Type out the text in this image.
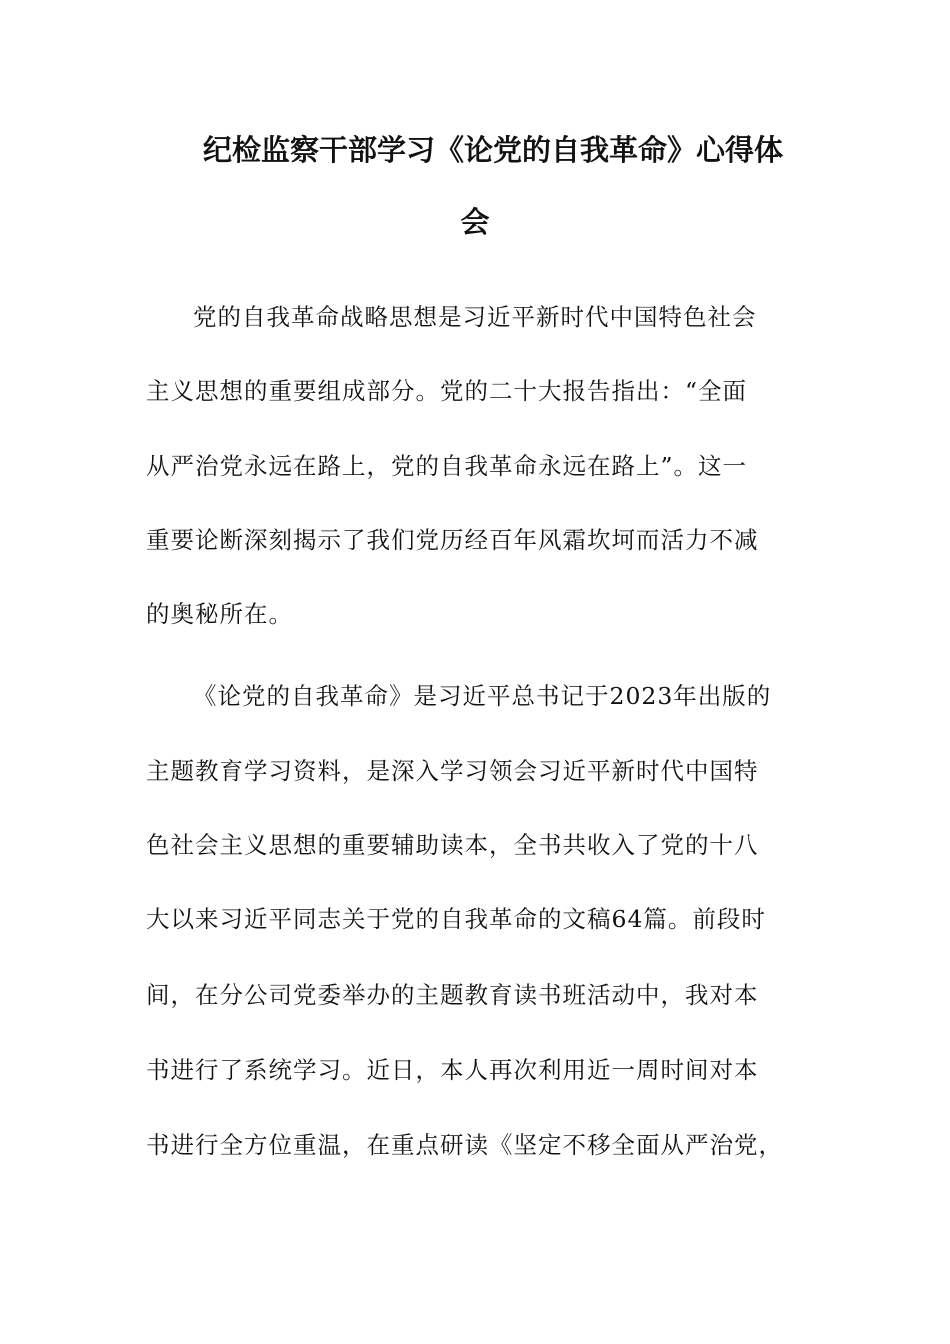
纪检监察干部学习《论党的自我革命》心得体
会
党的自我革命战略思想是习近平新时代中国特色社会
主义思想的重要组成部分。党的二十大报告指出：“全面
从严治党永远在路上，党的自我革命永远在路上”。这一
重要论断深刻揭示了我们党历经百年风霜坎坷而活力不减
的奥秘所在。
《论党的自我革命》是习近平总书记于2023年出版的
主题教育学习资料，是深入学习领会习近平新时代中国特
色社会主义思想的重要辅助读本，全书共收入了党的十八
大以来习近平同志关于党的自我革命的文稿64篇。前段时
间，在分公司党委举办的主题教育读书班活动中，我对本
书进行了系统学习。近日，本人再次利用近一周时间对本
书进行全方位重温，在重点研读《坚定不移全面从严治党，
